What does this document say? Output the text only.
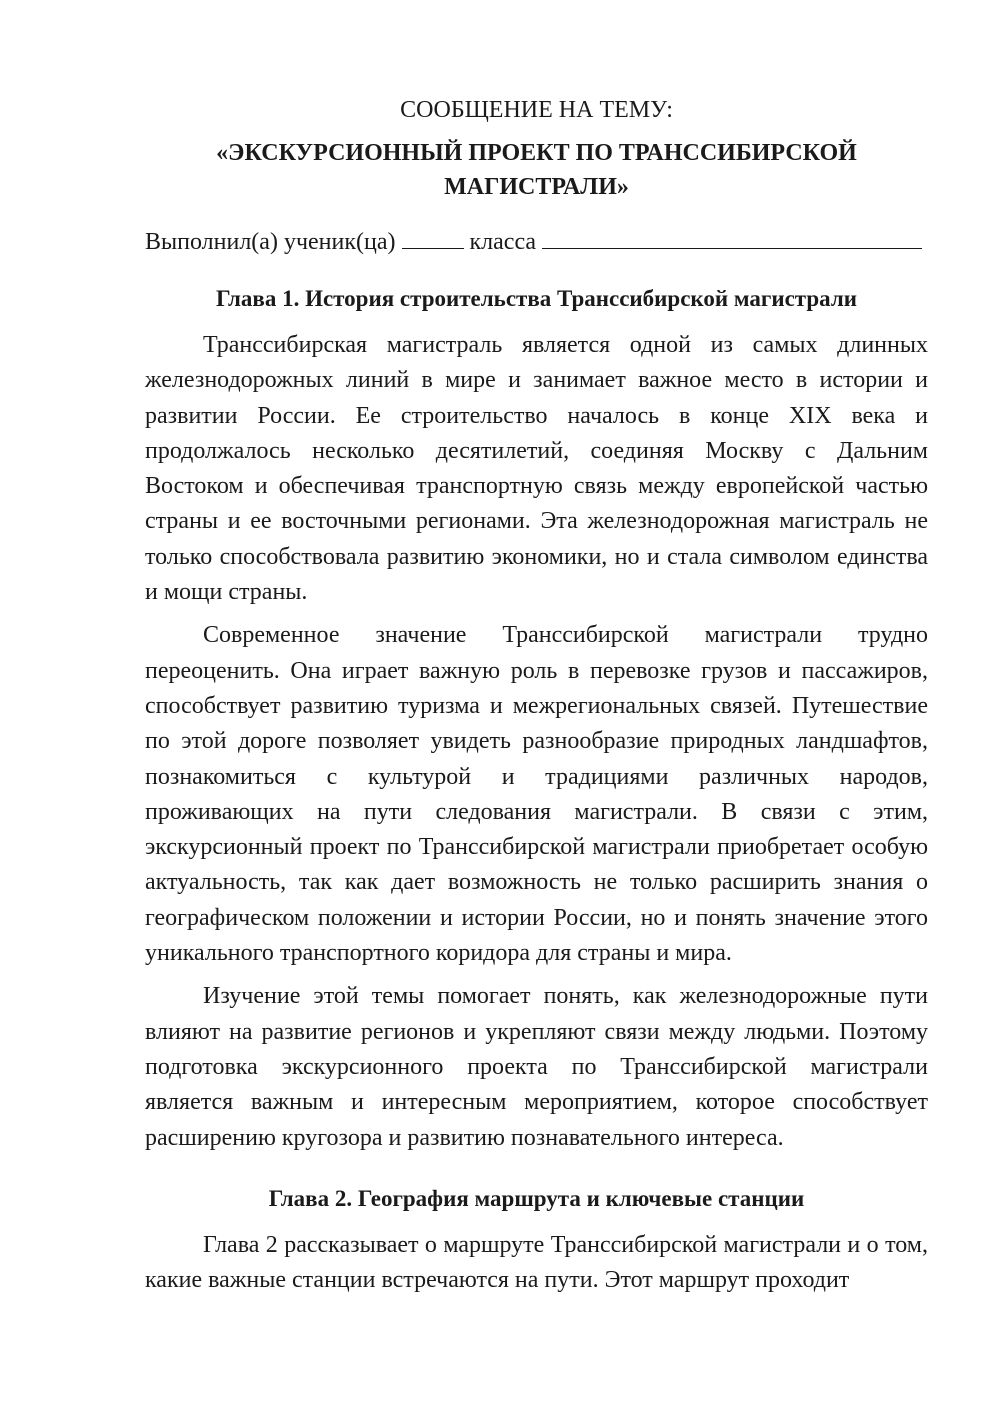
СООБЩЕНИЕ НА ТЕМУ:

«ЭКСКУРСИОННЫЙ ПРОЕКТ ПО ТРАНССИБИРСКОЙ МАГИСТРАЛИ»
Выполнил(а) ученик(ца)	класса
Глава 1. История строительства Транссибирской магистрали

Транссибирская магистраль является одной из самых длинных железнодорожных линий в мире и занимает важное место в истории и развитии России. Ее строительство началось в конце XIX века и продолжалось несколько десятилетий, соединяя Москву с Дальним Востоком и обеспечивая транспортную связь между европейской частью страны и ее восточными регионами. Эта железнодорожная магистраль не только способствовала развитию экономики, но и стала символом единства и мощи страны.

Современное значение Транссибирской магистрали трудно переоценить. Она играет важную роль в перевозке грузов и пассажиров, способствует развитию туризма и межрегиональных связей. Путешествие по этой дороге позволяет увидеть разнообразие природных ландшафтов, познакомиться с культурой и традициями различных народов, проживающих на пути следования магистрали. В связи с этим, экскурсионный проект по Транссибирской магистрали приобретает особую актуальность, так как дает возможность не только расширить знания о географическом положении и истории России, но и понять значение этого уникального транспортного коридора для страны и мира.

Изучение этой темы помогает понять, как железнодорожные пути влияют на развитие регионов и укрепляют связи между людьми. Поэтому подготовка экскурсионного проекта по Транссибирской магистрали является важным и интересным мероприятием, которое способствует расширению кругозора и развитию познавательного интереса.

Глава 2. География маршрута и ключевые станции

Глава 2 рассказывает о маршруте Транссибирской магистрали и о том, какие важные станции встречаются на пути. Этот маршрут проходит
